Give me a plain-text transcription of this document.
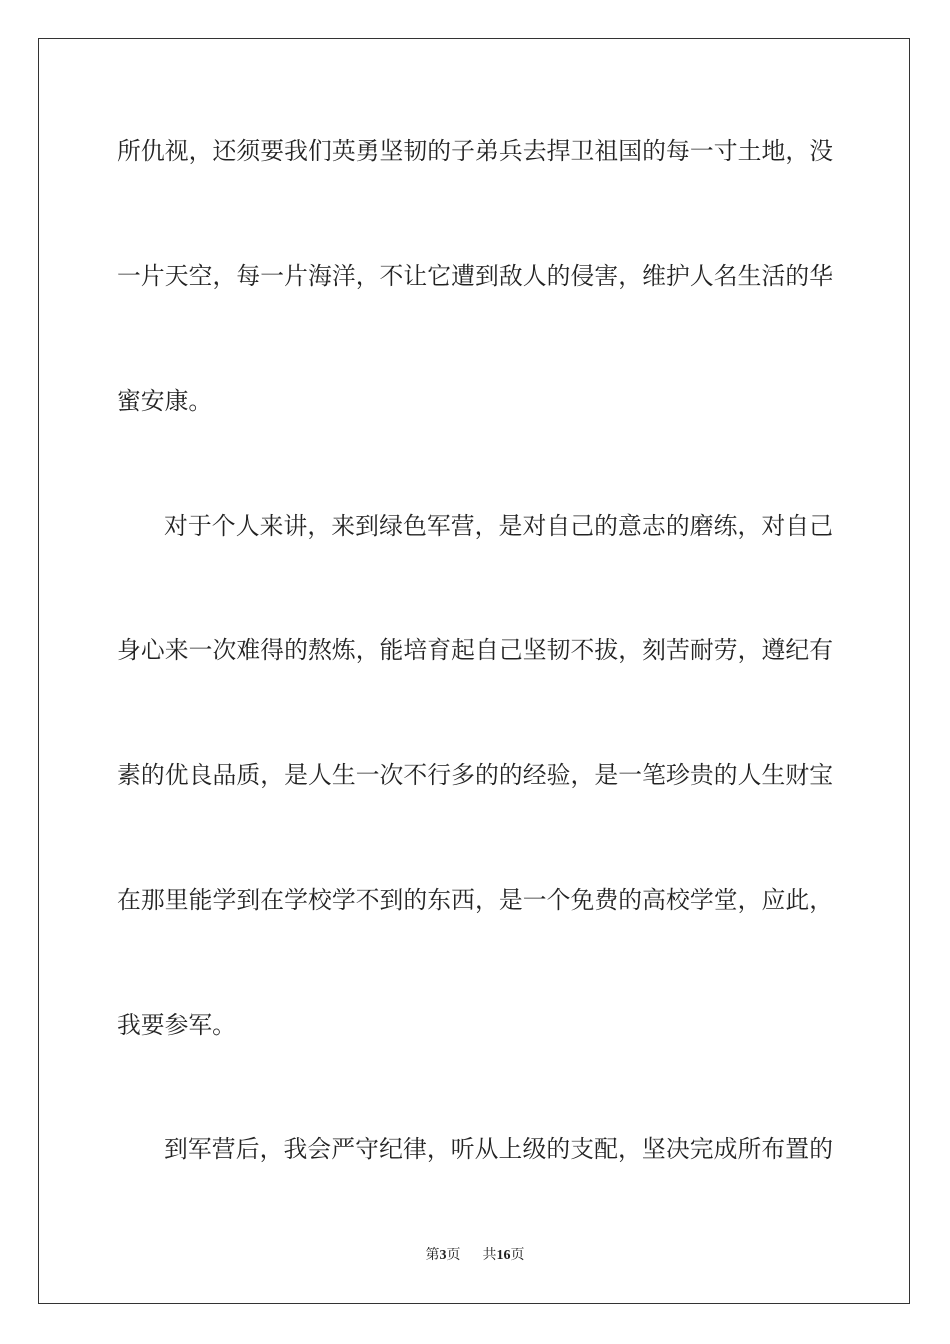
所仇视，还须要我们英勇坚韧的子弟兵去捍卫祖国的每一寸土地，没
一片天空，每一片海洋，不让它遭到敌人的侵害，维护人名生活的华
蜜安康。
对于个人来讲，来到绿色军营，是对自己的意志的磨练，对自己
身心来一次难得的熬炼，能培育起自己坚韧不拔，刻苦耐劳，遵纪有
素的优良品质，是人生一次不行多的的经验，是一笔珍贵的人生财宝
在那里能学到在学校学不到的东西，是一个免费的高校学堂，应此，
我要参军。
到军营后，我会严守纪律，听从上级的支配，坚决完成所布置的
第3页 共16页
